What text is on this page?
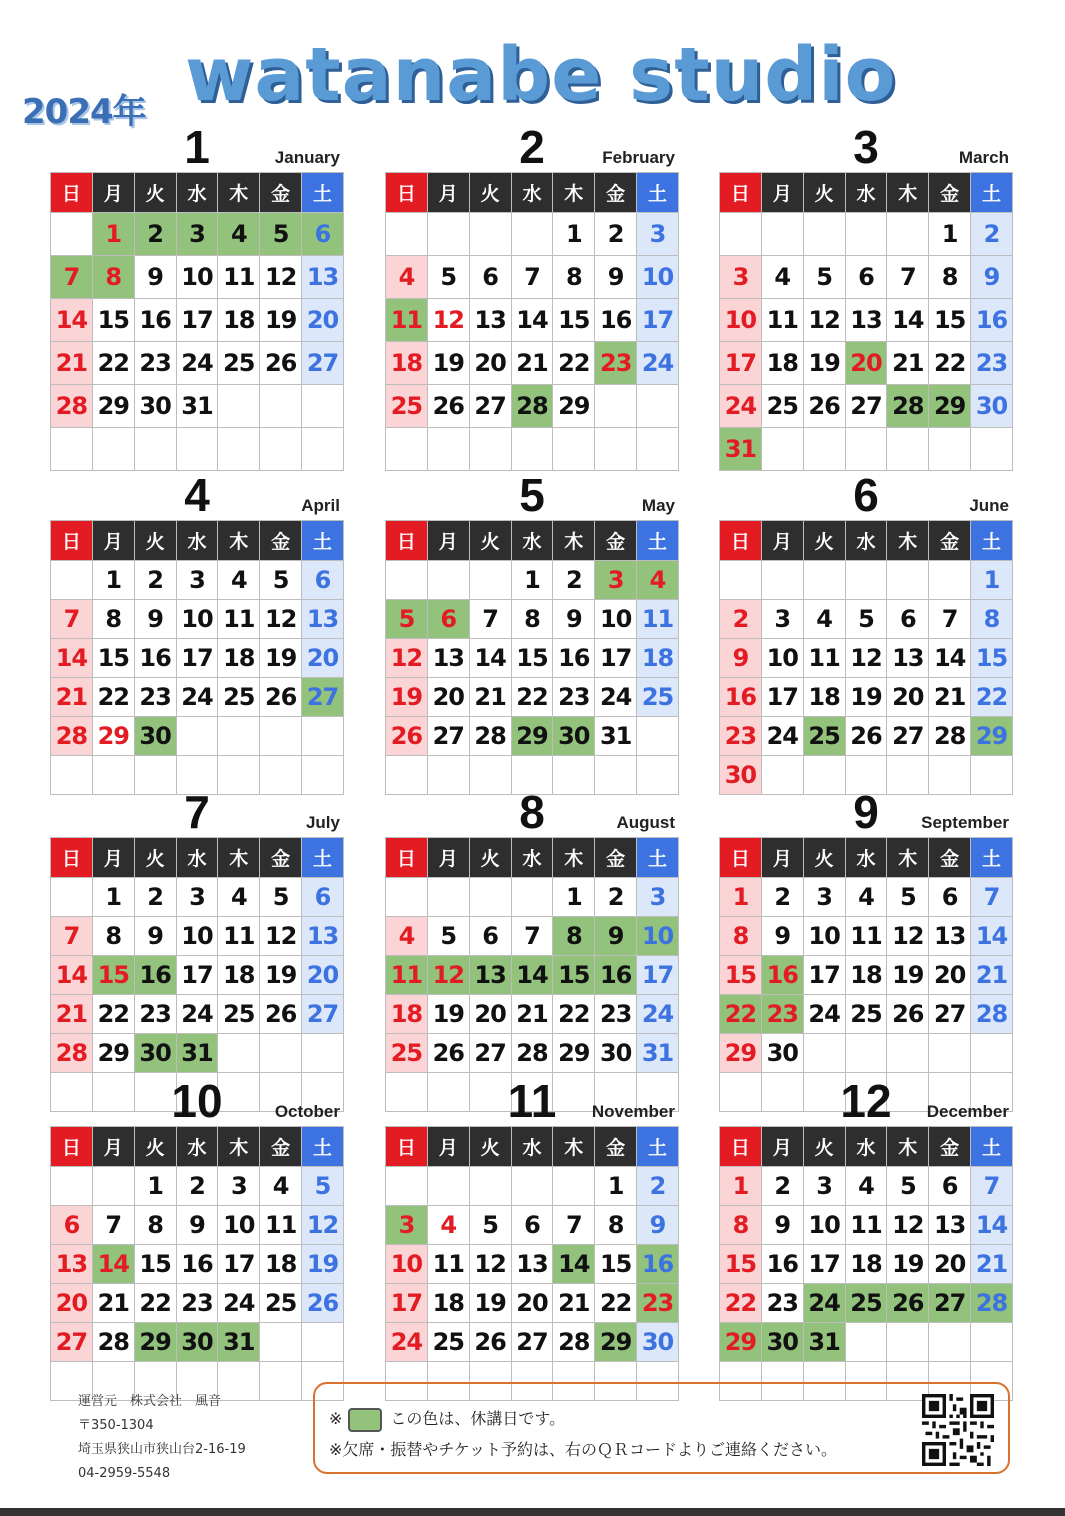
2024年 watanabe studio
1	January
日	月	火	水	木	金	土
	1	2	3	4	5	6
7	8	9	10	11	12	13
14	15	16	17	18	19	20
21	22	23	24	25	26	27
28	29	30	31			

2	February
日	月	火	水	木	金	土
				1	2	3
4	5	6	7	8	9	10
11	12	13	14	15	16	17
18	19	20	21	22	23	24
25	26	27	28	29		

3	March
日	月	火	水	木	金	土
					1	2
3	4	5	6	7	8	9
10	11	12	13	14	15	16
17	18	19	20	21	22	23
24	25	26	27	28	29	30
31						
4	April
日	月	火	水	木	金	土
	1	2	3	4	5	6
7	8	9	10	11	12	13
14	15	16	17	18	19	20
21	22	23	24	25	26	27
28	29	30				

5	May
日	月	火	水	木	金	土
			1	2	3	4
5	6	7	8	9	10	11
12	13	14	15	16	17	18
19	20	21	22	23	24	25
26	27	28	29	30	31	

6	June
日	月	火	水	木	金	土
						1
2	3	4	5	6	7	8
9	10	11	12	13	14	15
16	17	18	19	20	21	22
23	24	25	26	27	28	29
30						
7	July
日	月	火	水	木	金	土
	1	2	3	4	5	6
7	8	9	10	11	12	13
14	15	16	17	18	19	20
21	22	23	24	25	26	27
28	29	30	31			

8	August
日	月	火	水	木	金	土
				1	2	3
4	5	6	7	8	9	10
11	12	13	14	15	16	17
18	19	20	21	22	23	24
25	26	27	28	29	30	31

9	September
日	月	火	水	木	金	土
1	2	3	4	5	6	7
8	9	10	11	12	13	14
15	16	17	18	19	20	21
22	23	24	25	26	27	28
29	30					

10	October
日	月	火	水	木	金	土
		1	2	3	4	5
6	7	8	9	10	11	12
13	14	15	16	17	18	19
20	21	22	23	24	25	26
27	28	29	30	31		

11	November
日	月	火	水	木	金	土
					1	2
3	4	5	6	7	8	9
10	11	12	13	14	15	16
17	18	19	20	21	22	23
24	25	26	27	28	29	30

12	December
日	月	火	水	木	金	土
1	2	3	4	5	6	7
8	9	10	11	12	13	14
15	16	17	18	19	20	21
22	23	24	25	26	27	28
29	30	31				

運営元　株式会社　風音
〒350-1304
埼玉県狭山市狭山台2-16-19
04-2959-5548
※	この色は、休講日です。
※欠席・振替やチケット予約は、右のＱＲコードよりご連絡ください。
